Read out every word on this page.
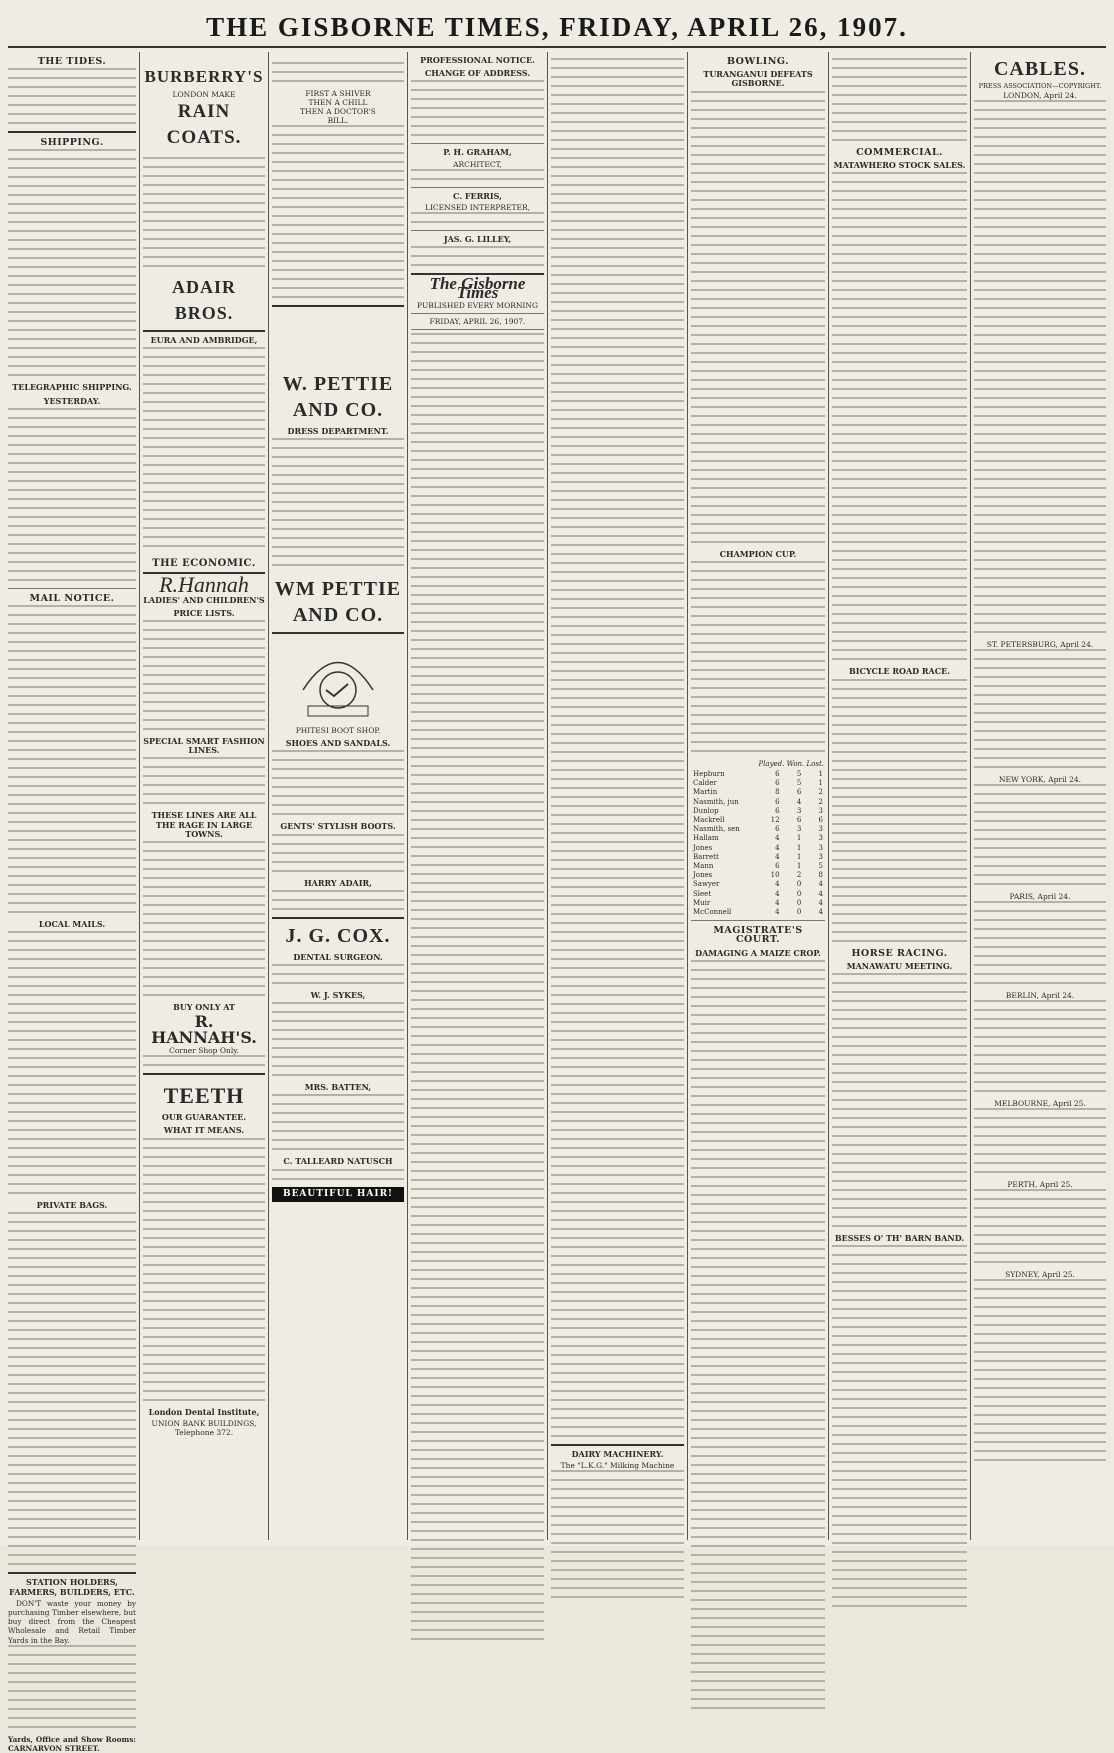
THE GISBORNE TIMES, FRIDAY, APRIL 26, 1907.
THE TIDES.
SHIPPING.
TELEGRAPHIC SHIPPING.
YESTERDAY.
MAIL NOTICE.
LOCAL MAILS.
PRIVATE BAGS.
STATION HOLDERS, FARMERS, BUILDERS, ETC.

DON'T waste your money by purchasing Timber elsewhere, but buy direct from the Cheapest Wholesale and Retail Timber Yards in the Bay.

Yards, Office and Show Rooms: CARNARVON STREET.

BURBERRY'S
LONDON MAKE
RAIN COATS.
ADAIR BROS.
EURA AND AMBRIDGE,
THE ECONOMIC.
R.Hannah
LADIES' AND CHILDREN'S
PRICE LISTS.
SPECIAL SMART FASHION LINES.
THESE LINES ARE ALL THE RAGE IN LARGE TOWNS.
BUY ONLY AT
R. HANNAH'S.
Corner Shop Only.
TEETH
OUR GUARANTEE.
WHAT IT MEANS.
London Dental Institute,
UNION BANK BUILDINGS,
Telephone 372.
FIRST A SHIVER
THEN A CHILL
THEN A DOCTOR'S
BILL.
W. PETTIE
AND CO.
DRESS DEPARTMENT.
WM PETTIE
AND CO.
PHITESI BOOT SHOP.
SHOES AND SANDALS.
GENTS' STYLISH BOOTS.
HARRY ADAIR,
J. G. COX.
DENTAL SURGEON.
W. J. SYKES,
MRS. BATTEN,
C. TALLEARD NATUSCH
BEAUTIFUL HAIR!
PROFESSIONAL NOTICE.
CHANGE OF ADDRESS.
P. H. GRAHAM,
ARCHITECT,
C. FERRIS,
LICENSED INTERPRETER,
JAS. G. LILLEY,
The Gisborne Times
PUBLISHED EVERY MORNING
FRIDAY, APRIL 26, 1907.
DAIRY MACHINERY.
The "L.K.G." Milking Machine
BOWLING.
TURANGANUI DEFEATS GISBORNE.
CHAMPION CUP.
	Played. Won. Lost.		
Hepburn	6	5	1
Calder	6	5	1
Martin	8	6	2
Nasmith, jun	6	4	2
Dunlop	6	3	3
Mackrell	12	6	6
Nasmith, sen	6	3	3
Hallam	4	1	3
Jones	4	1	3
Barrett	4	1	3
Mann	6	1	5
Jones	10	2	8
Sawyer	4	0	4
Sleet	4	0	4
Muir	4	0	4
McConnell	4	0	4
MAGISTRATE'S COURT.
DAMAGING A MAIZE CROP.
COMMERCIAL.
MATAWHERO STOCK SALES.
BICYCLE ROAD RACE.
HORSE RACING.
MANAWATU MEETING.
BESSES O' TH' BARN BAND.
CABLES.
PRESS ASSOCIATION—COPYRIGHT.
LONDON, April 24.
ST. PETERSBURG, April 24.
NEW YORK, April 24.
PARIS, April 24.
BERLIN, April 24.
MELBOURNE, April 25.
PERTH, April 25.
SYDNEY, April 25.
